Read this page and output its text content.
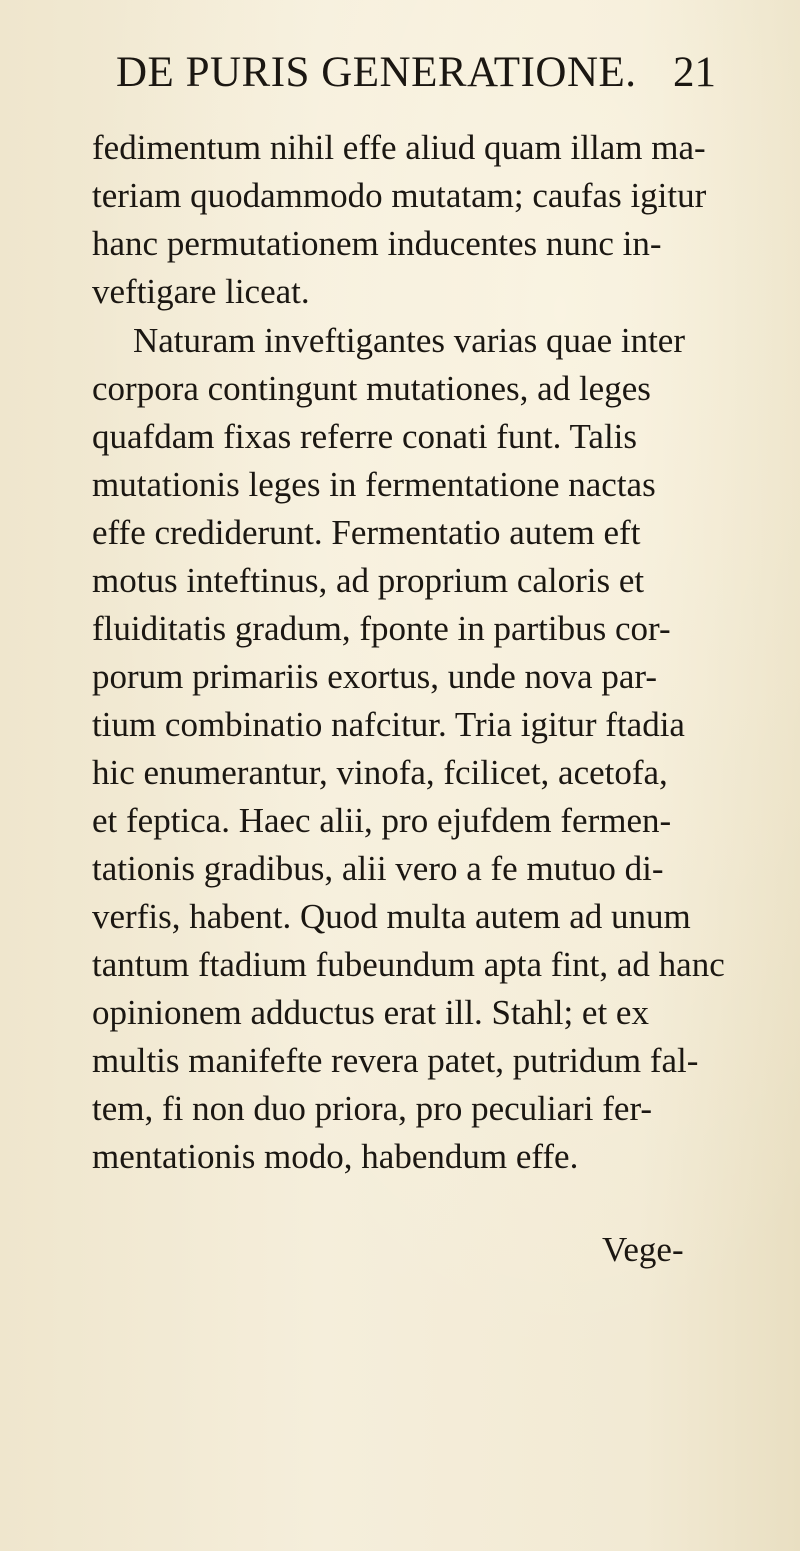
DE PURIS GENERATIONE. 21
fedimentum nihil effe aliud quam illam ma-
teriam quodammodo mutatam; caufas igitur
hanc permutationem inducentes nunc in-
veftigare liceat.
Naturam inveftigantes varias quae inter
corpora contingunt mutationes, ad leges
quafdam fixas referre conati funt. Talis
mutationis leges in fermentatione nactas
effe crediderunt. Fermentatio autem eft
motus inteftinus, ad proprium caloris et
fluiditatis gradum, fponte in partibus cor-
porum primariis exortus, unde nova par-
tium combinatio nafcitur. Tria igitur ftadia
hic enumerantur, vinofa, fcilicet, acetofa,
et feptica. Haec alii, pro ejufdem fermen-
tationis gradibus, alii vero a fe mutuo di-
verfis, habent. Quod multa autem ad unum
tantum ftadium fubeundum apta fint, ad hanc
opinionem adductus erat ill. Stahl; et ex
multis manifefte revera patet, putridum fal-
tem, fi non duo priora, pro peculiari fer-
mentationis modo, habendum effe.
Vege-
